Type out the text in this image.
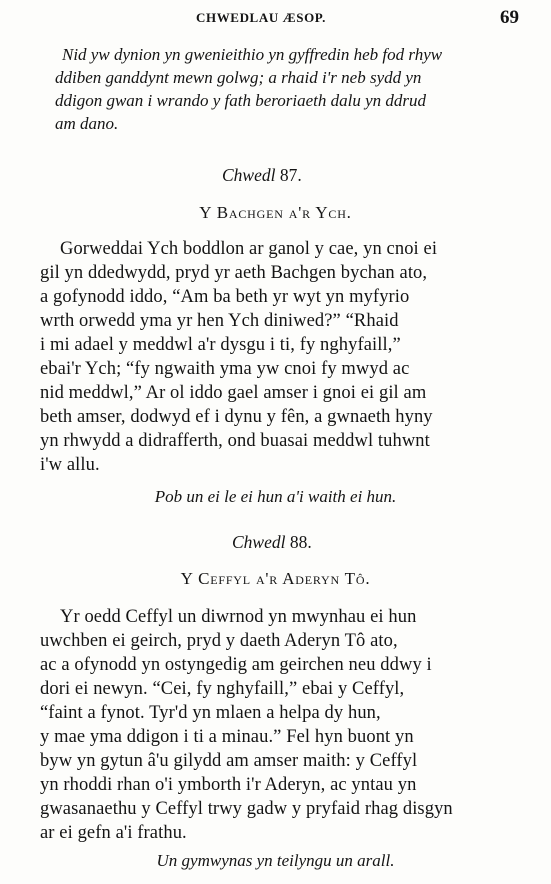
CHWEDLAU ÆSOP.	69
Nid yw dynion yn gwenieithio yn gyffredin heb fod rhyw
ddiben ganddynt mewn golwg; a rhaid i'r neb sydd yn
ddigon gwan i wrando y fath beroriaeth dalu yn ddrud
am dano.
Chwedl 87.
Y Bachgen a'r Ych.
Gorweddai Ych boddlon ar ganol y cae, yn cnoi ei
gil yn ddedwydd, pryd yr aeth Bachgen bychan ato,
a gofynodd iddo, “Am ba beth yr wyt yn myfyrio
wrth orwedd yma yr hen Ych diniwed?” “Rhaid
i mi adael y meddwl a'r dysgu i ti, fy nghyfaill,”
ebai'r Ych; “fy ngwaith yma yw cnoi fy mwyd ac
nid meddwl,” Ar ol iddo gael amser i gnoi ei gil am
beth amser, dodwyd ef i dynu y fên, a gwnaeth hyny
yn rhwydd a didrafferth, ond buasai meddwl tuhwnt
i'w allu.
Pob un ei le ei hun a'i waith ei hun.
Chwedl 88.
Y Ceffyl a'r Aderyn Tô.
Yr oedd Ceffyl un diwrnod yn mwynhau ei hun
uwchben ei geirch, pryd y daeth Aderyn Tô ato,
ac a ofynodd yn ostyngedig am geirchen neu ddwy i
dori ei newyn. “Cei, fy nghyfaill,” ebai y Ceffyl,
“faint a fynot. Tyr'd yn mlaen a helpa dy hun,
y mae yma ddigon i ti a minau.” Fel hyn buont yn
byw yn gytun â'u gilydd am amser maith: y Ceffyl
yn rhoddi rhan o'i ymborth i'r Aderyn, ac yntau yn
gwasanaethu y Ceffyl trwy gadw y pryfaid rhag disgyn
ar ei gefn a'i frathu.
Un gymwynas yn teilyngu un arall.
